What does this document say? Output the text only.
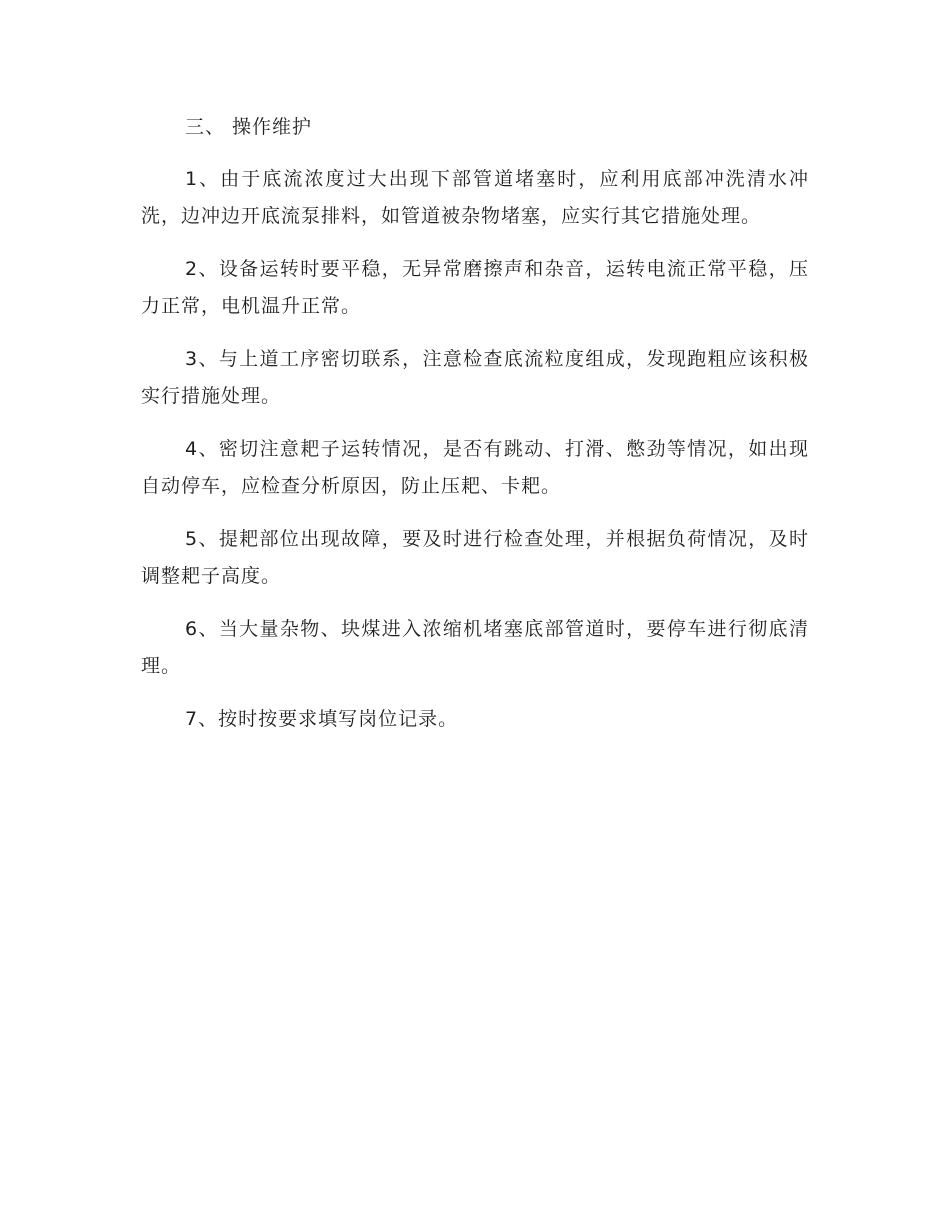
三、 操作维护

1、由于底流浓度过大出现下部管道堵塞时，应利用底部冲洗清水冲洗，边冲边开底流泵排料，如管道被杂物堵塞，应实行其它措施处理。

2、设备运转时要平稳，无异常磨擦声和杂音，运转电流正常平稳，压力正常，电机温升正常。

3、与上道工序密切联系，注意检查底流粒度组成，发现跑粗应该积极实行措施处理。

4、密切注意耙子运转情况，是否有跳动、打滑、憋劲等情况，如出现自动停车，应检查分析原因，防止压耙、卡耙。

5、提耙部位出现故障，要及时进行检查处理，并根据负荷情况，及时调整耙子高度。

6、当大量杂物、块煤进入浓缩机堵塞底部管道时，要停车进行彻底清理。

7、按时按要求填写岗位记录。
